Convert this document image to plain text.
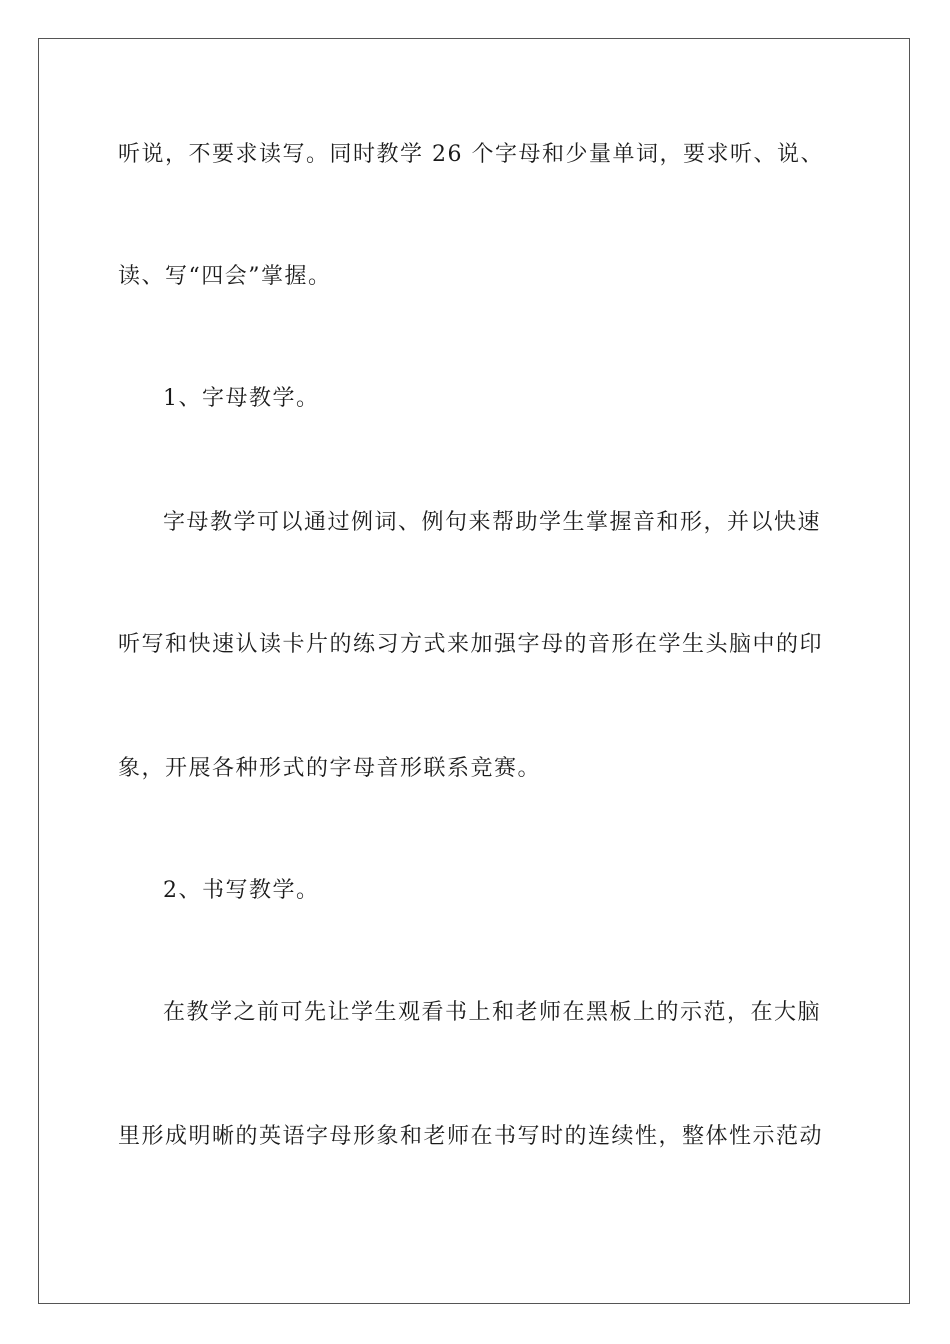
听说，不要求读写。同时教学 26 个字母和少量单词，要求听、说、
读、写“四会”掌握。
1、字母教学。
字母教学可以通过例词、例句来帮助学生掌握音和形，并以快速
听写和快速认读卡片的练习方式来加强字母的音形在学生头脑中的印
象，开展各种形式的字母音形联系竞赛。
2、书写教学。
在教学之前可先让学生观看书上和老师在黑板上的示范，在大脑
里形成明晰的英语字母形象和老师在书写时的连续性，整体性示范动
